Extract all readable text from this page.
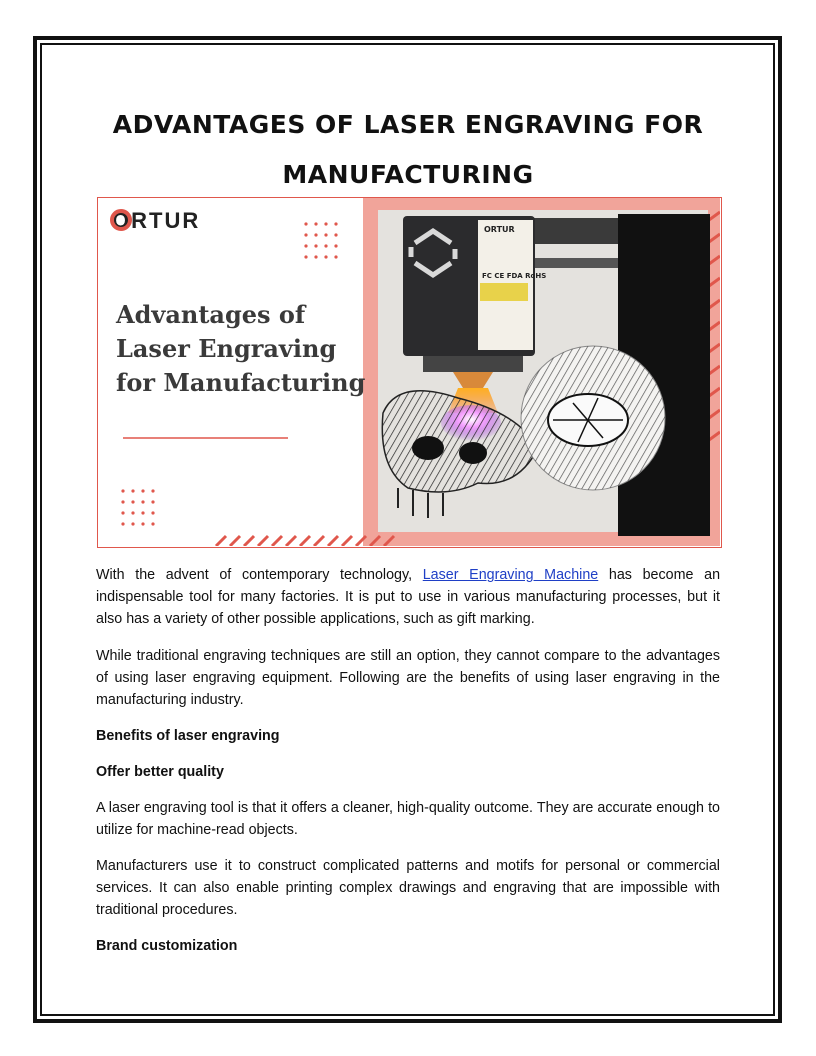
ADVANTAGES OF LASER ENGRAVING FOR MANUFACTURING
ORTUR
FC CE FDA RoHS
ORTUR
Advantages of
Laser Engraving
for Manufacturing

With the advent of contemporary technology, Laser Engraving Machine has become an indispensable tool for many factories. It is put to use in various manufacturing processes, but it also has a variety of other possible applications, such as gift marking.

While traditional engraving techniques are still an option, they cannot compare to the advantages of using laser engraving equipment. Following are the benefits of using laser engraving in the manufacturing industry.

Benefits of laser engraving
Offer better quality

A laser engraving tool is that it offers a cleaner, high-quality outcome. They are accurate enough to utilize for machine-read objects.

Manufacturers use it to construct complicated patterns and motifs for personal or commercial services. It can also enable printing complex drawings and engraving that are impossible with traditional procedures.

Brand customization
